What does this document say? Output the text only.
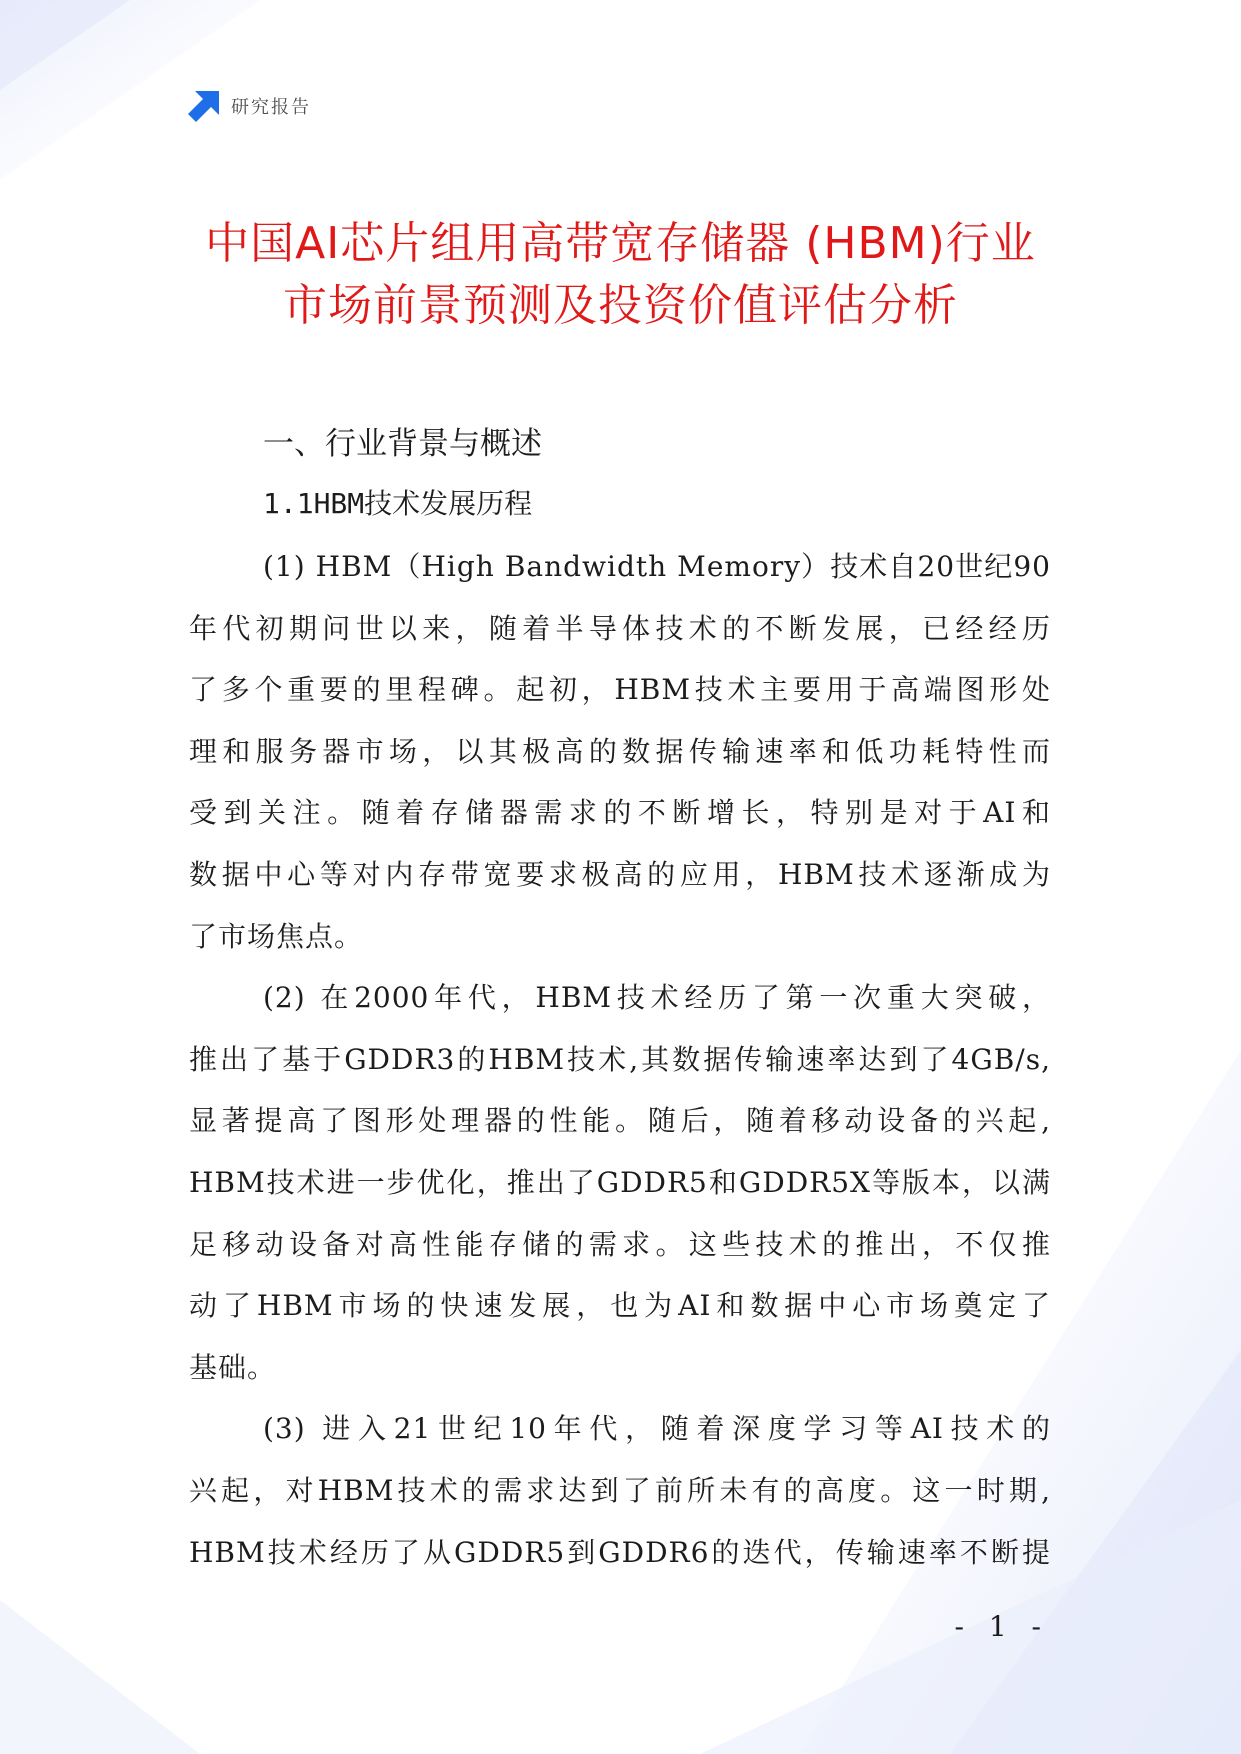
研究报告
中国AI芯片组用高带宽存储器 (HBM)行业
市场前景预测及投资价值评估分析
一、行业背景与概述
1.1HBM技术发展历程

(1) HBM（High Bandwidth Memory）技术自20世纪90
年代初期问世以来，随着半导体技术的不断发展，已经经历
了多个重要的里程碑。起初，HBM技术主要用于高端图形处
理和服务器市场，以其极高的数据传输速率和低功耗特性而
受到关注。随着存储器需求的不断增长，特别是对于AI和
数据中心等对内存带宽要求极高的应用，HBM技术逐渐成为
了市场焦点。

(2) 在2000年代，HBM技术经历了第一次重大突破，
推出了基于GDDR3的HBM技术,其数据传输速率达到了4GB/s,
显著提高了图形处理器的性能。随后，随着移动设备的兴起,
HBM技术进一步优化，推出了GDDR5和GDDR5X等版本，以满
足移动设备对高性能存储的需求。这些技术的推出，不仅推
动了HBM市场的快速发展，也为AI和数据中心市场奠定了
基础。

(3) 进入21世纪10年代，随着深度学习等AI技术的
兴起，对HBM技术的需求达到了前所未有的高度。这一时期,
HBM技术经历了从GDDR5到GDDR6的迭代，传输速率不断提

- 1 -
